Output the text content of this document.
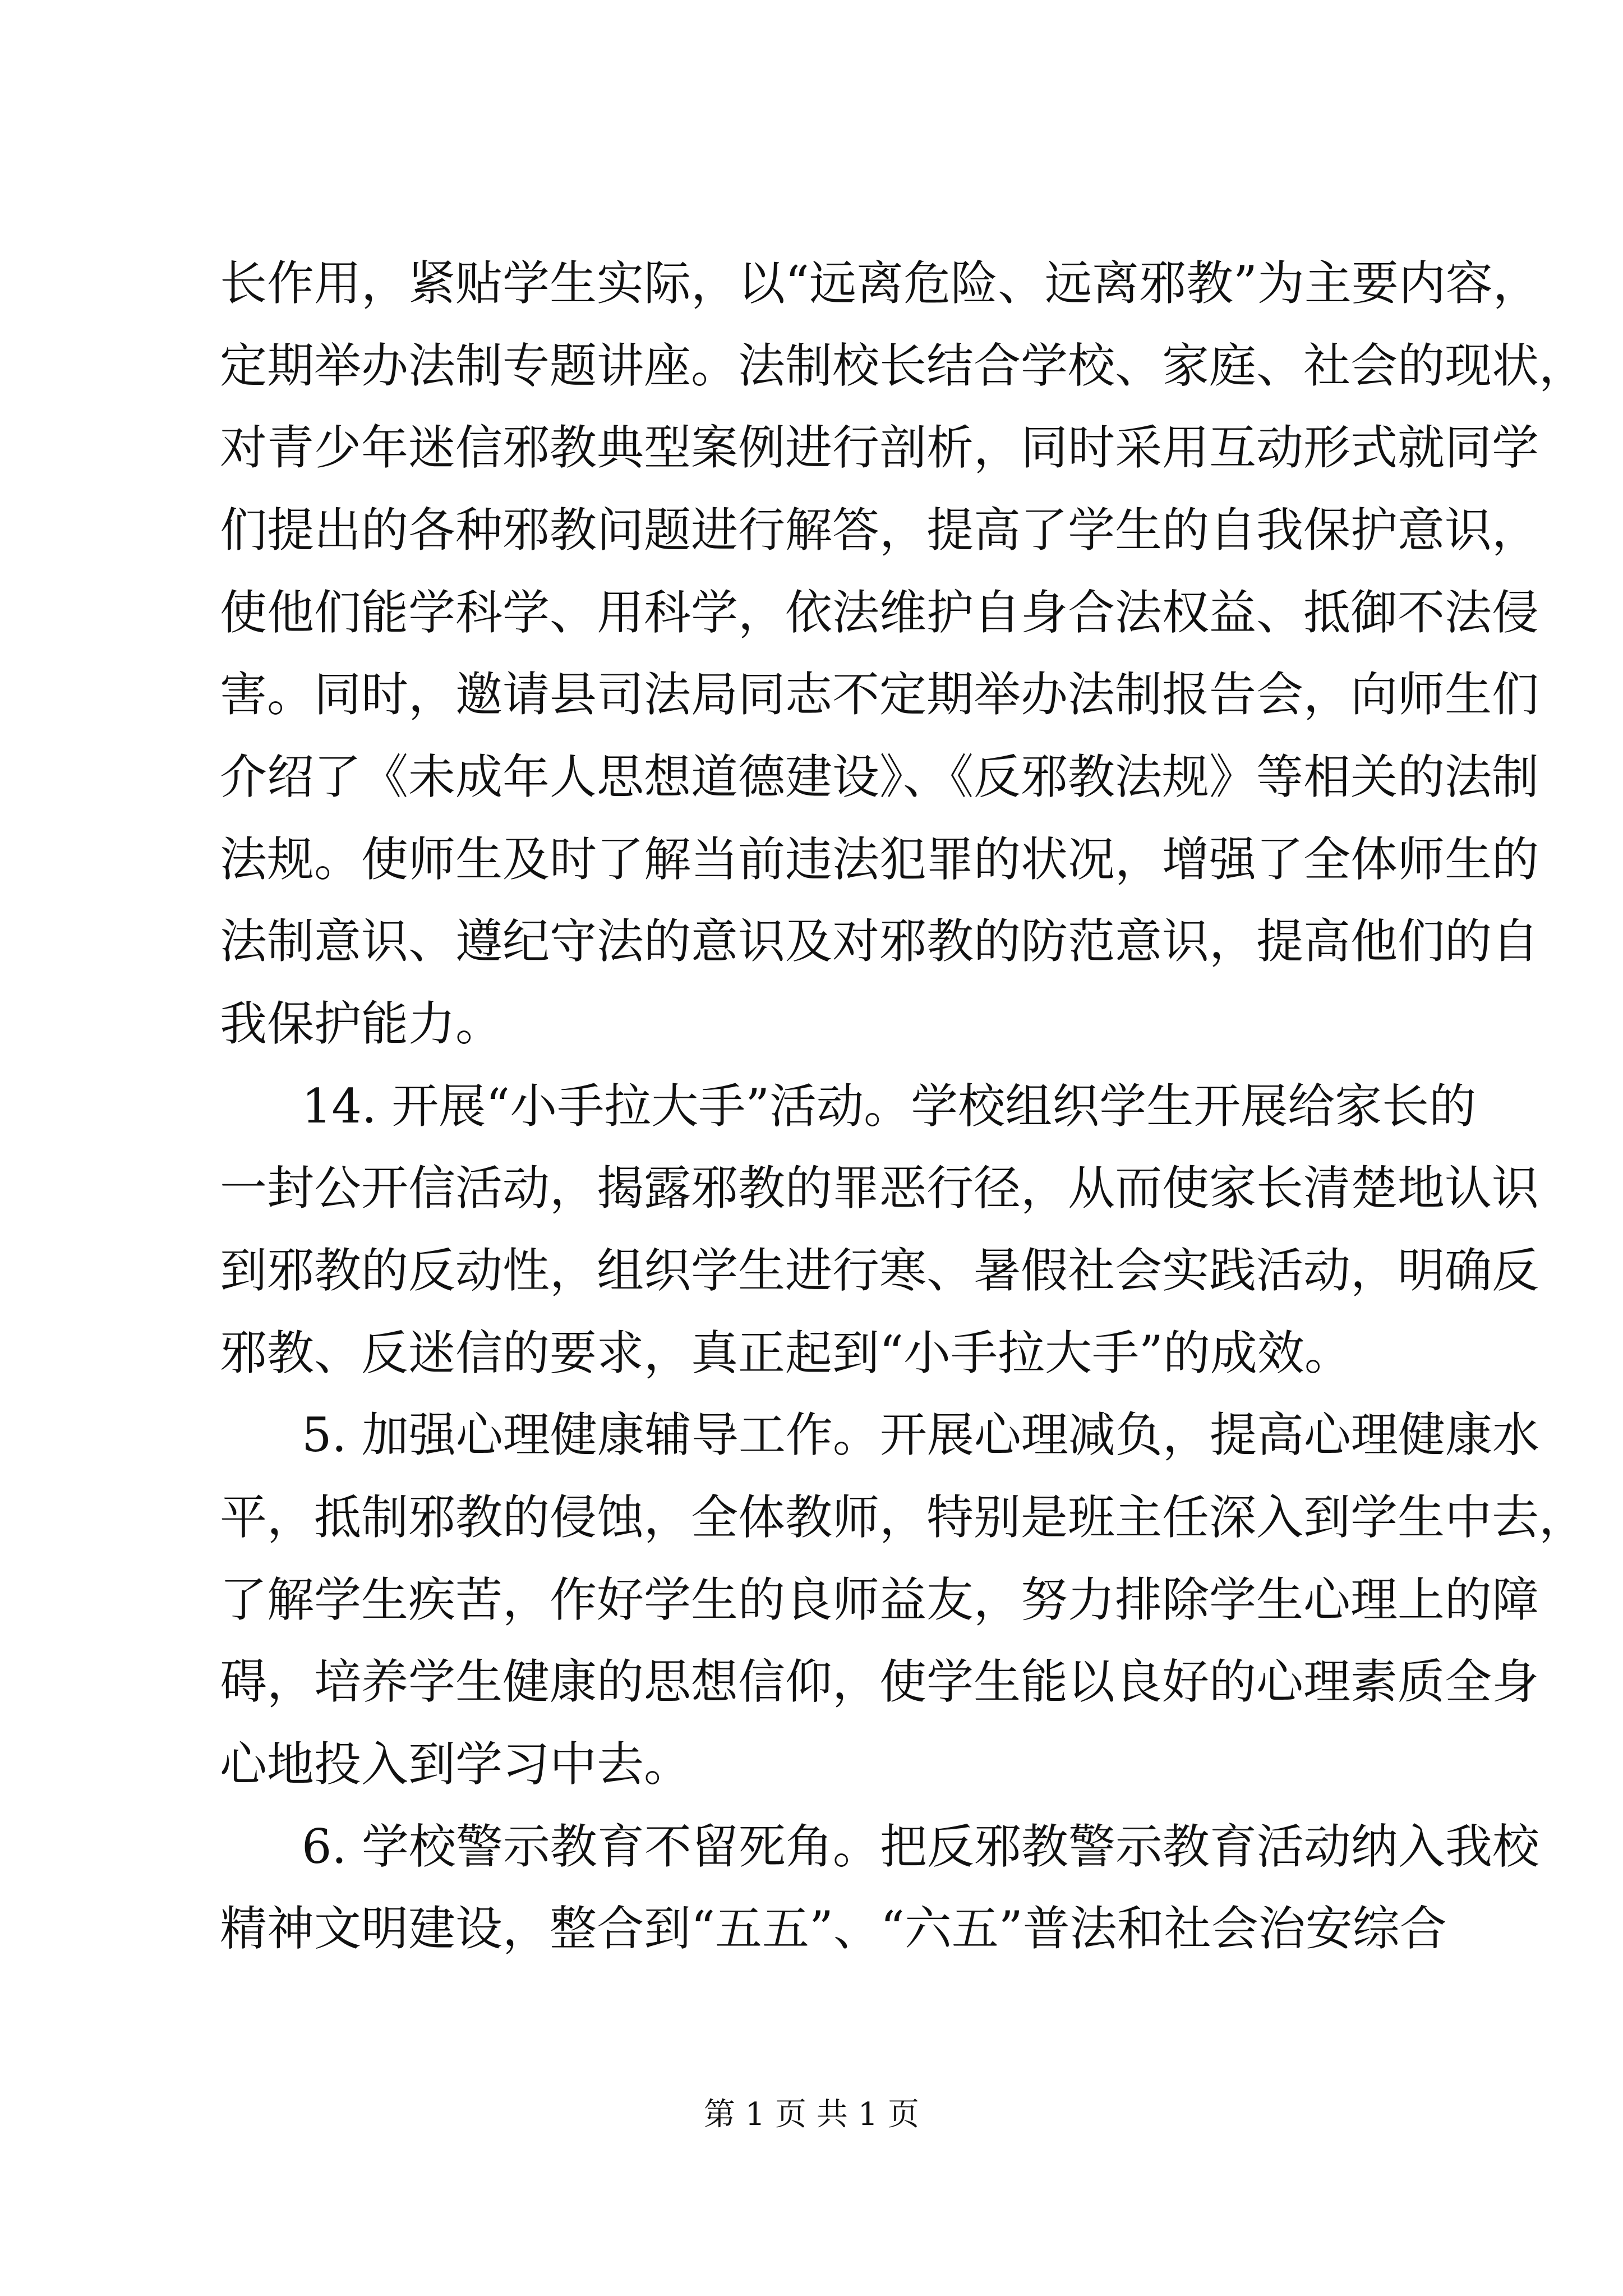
长作用，紧贴学生实际，以“远离危险、远离邪教”为主要内容，
定期举办法制专题讲座。法制校长结合学校、家庭、社会的现状，
对青少年迷信邪教典型案例进行剖析，同时采用互动形式就同学
们提出的各种邪教问题进行解答，提高了学生的自我保护意识，
使他们能学科学、用科学，依法维护自身合法权益、抵御不法侵
害。同时，邀请县司法局同志不定期举办法制报告会，向师生们
介绍了《未成年人思想道德建设》、《反邪教法规》等相关的法制
法规。使师生及时了解当前违法犯罪的状况，增强了全体师生的
法制意识、遵纪守法的意识及对邪教的防范意识，提高他们的自
我保护能力。
14. 开展“小手拉大手”活动。学校组织学生开展给家长的
一封公开信活动，揭露邪教的罪恶行径，从而使家长清楚地认识
到邪教的反动性，组织学生进行寒、暑假社会实践活动，明确反
邪教、反迷信的要求，真正起到“小手拉大手”的成效。
5. 加强心理健康辅导工作。开展心理减负，提高心理健康水
平，抵制邪教的侵蚀，全体教师，特别是班主任深入到学生中去，
了解学生疾苦，作好学生的良师益友，努力排除学生心理上的障
碍，培养学生健康的思想信仰，使学生能以良好的心理素质全身
心地投入到学习中去。
6. 学校警示教育不留死角。把反邪教警示教育活动纳入我校
精神文明建设，整合到“五五”、“六五”普法和社会治安综合
第 1 页 共 1 页
